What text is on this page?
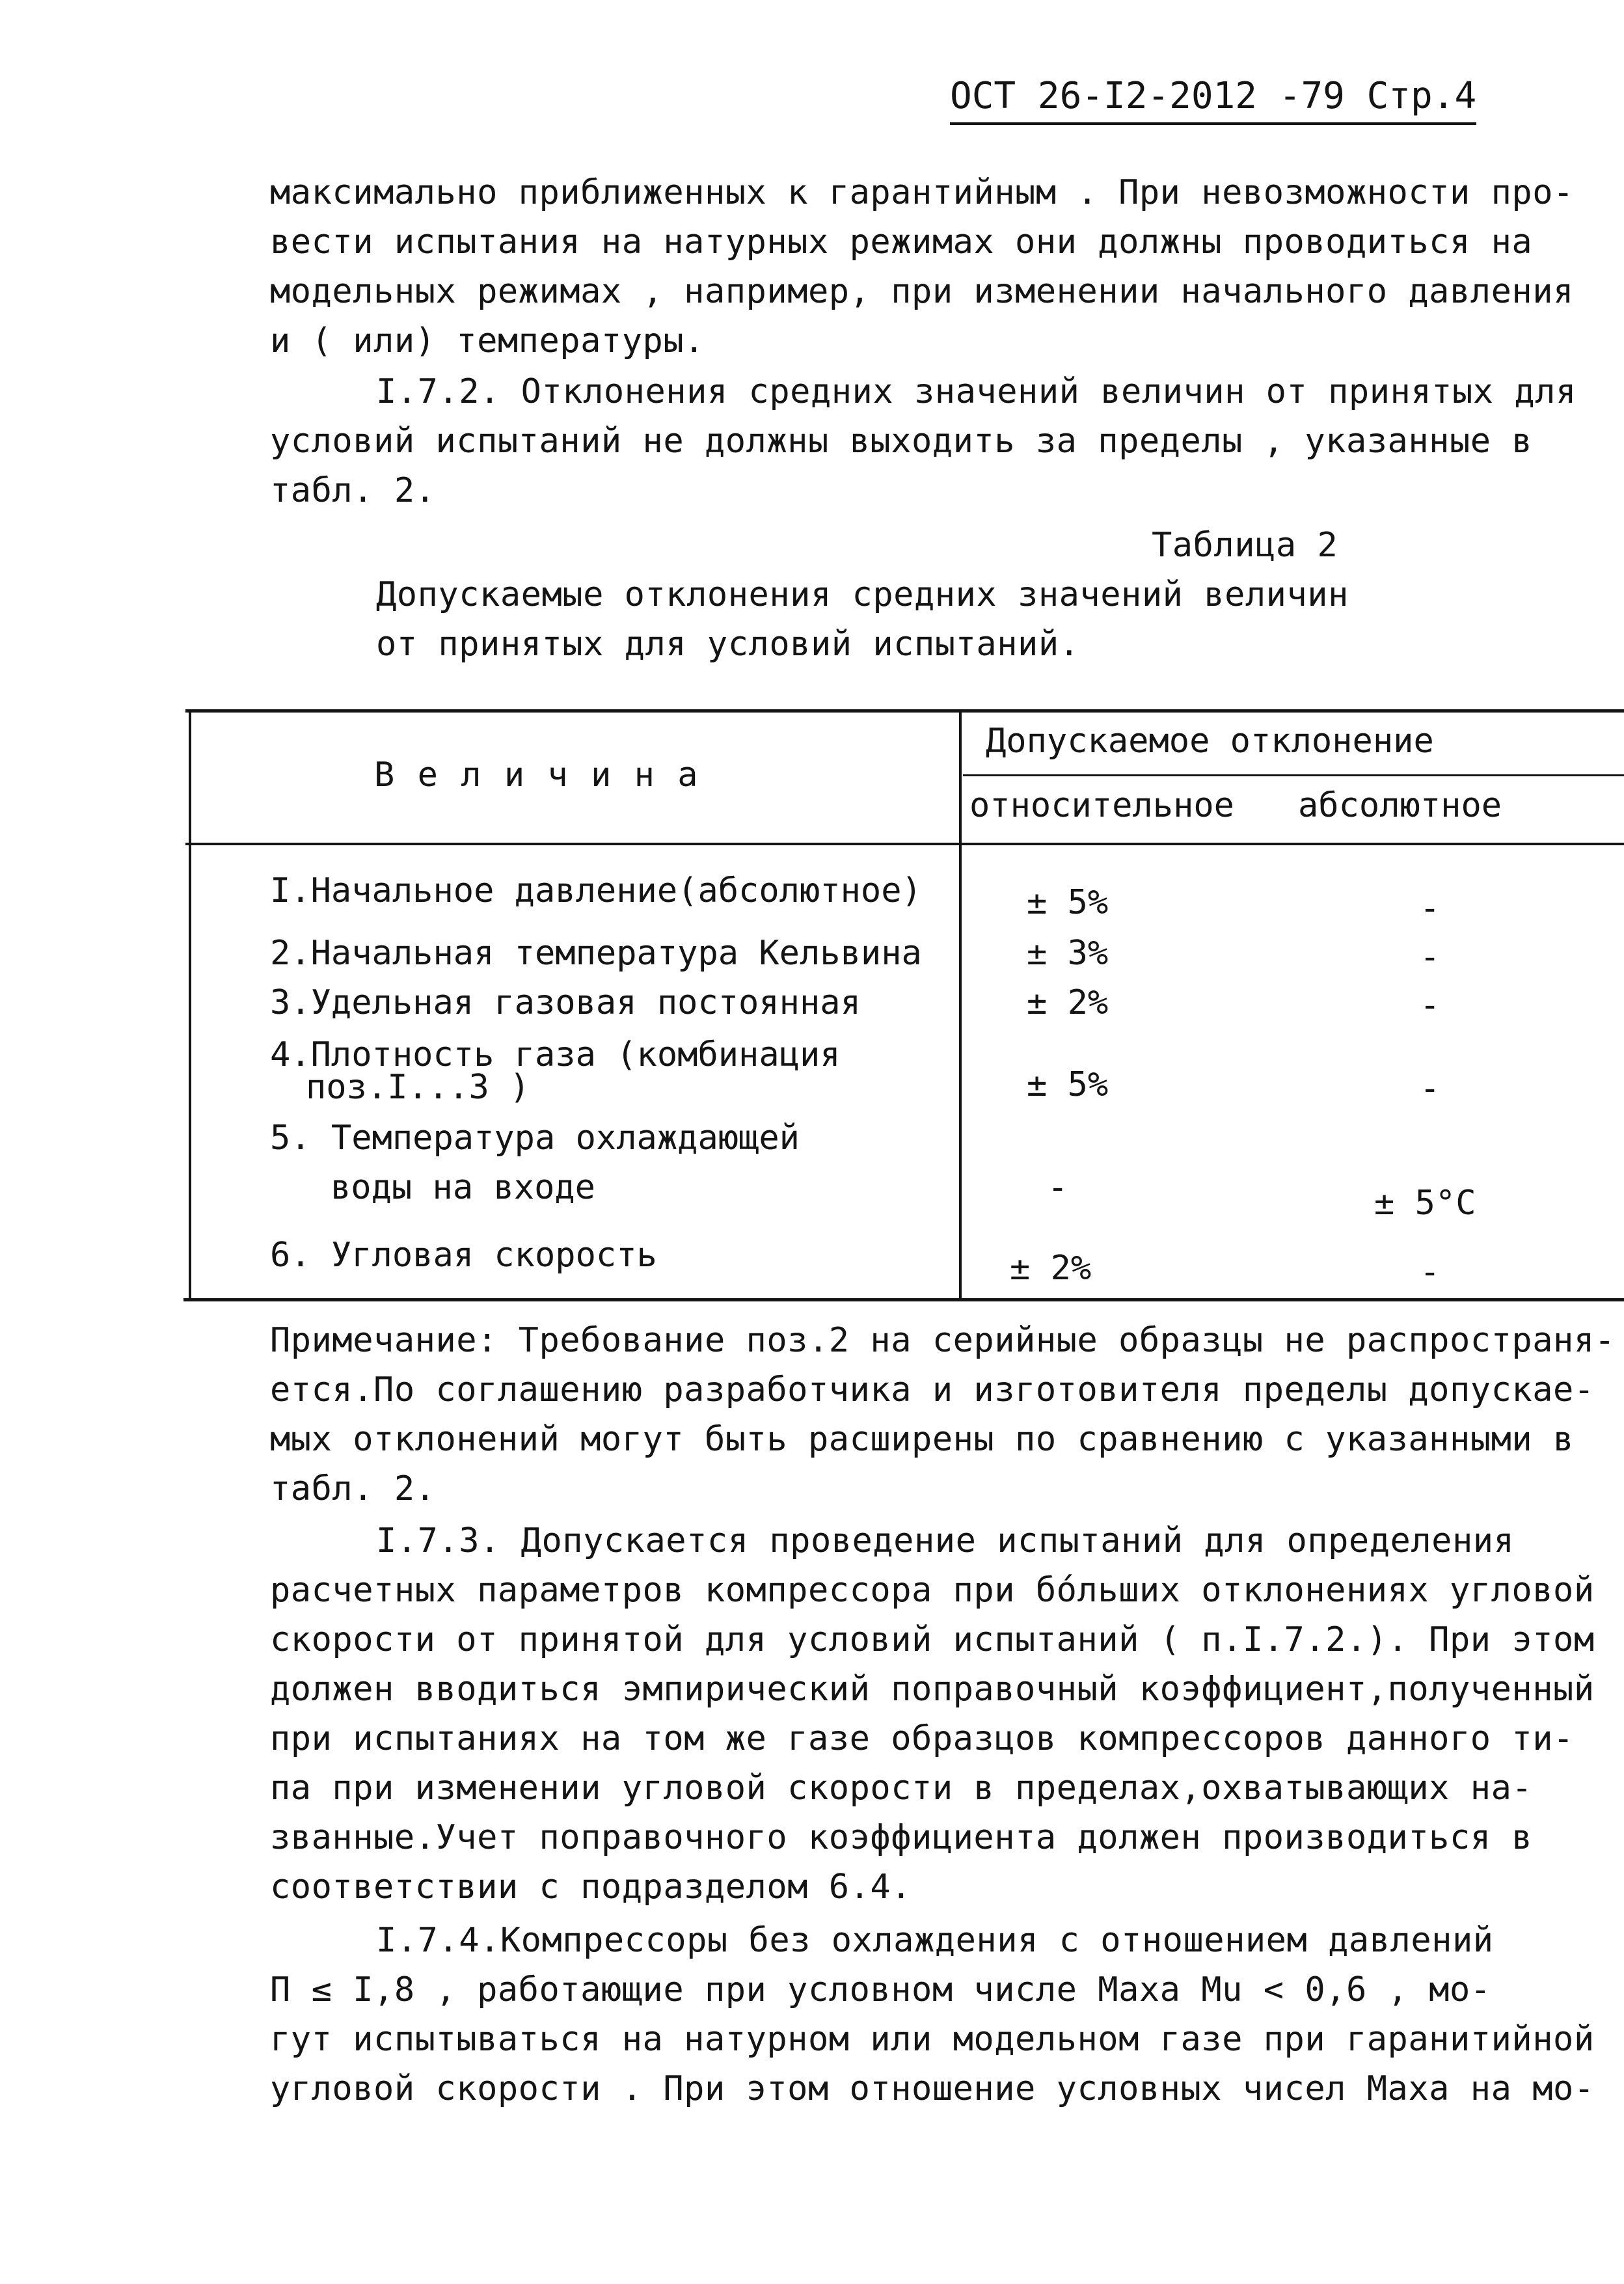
ОСТ 26-I2-2012 -79 Стр.4
максимально приближенных к гарантийным . При невозможности про-
вести испытания на натурных режимах они должны проводиться на
модельных режимах , например, при изменении начального давления
и ( или) температуры.
I.7.2. Отклонения средних значений величин от принятых для
условий испытаний не должны выходить за пределы , указанные в
табл. 2.
Таблица 2
Допускаемые отклонения средних значений величин
от принятых для условий испытаний.
В е л и ч и н а
Допускаемое отклонение
относительное абсолютное
I.Начальное давление(абсолютное)	± 5%	-
2.Начальная температура Кельвина	± 3%	-
3.Удельная газовая постоянная	± 2%	-
4.Плотность газа (комбинация
поз.I...3 )	± 5%	-
5. Температура охлаждающей
воды на входе	-	± 5°С
6. Угловая скорость	± 2%	-
Примечание: Требование поз.2 на серийные образцы не распространя-
ется.По соглашению разработчика и изготовителя пределы допускае-
мых отклонений могут быть расширены по сравнению с указанными в
табл. 2.
I.7.3. Допускается проведение испытаний для определения
расчетных параметров компрессора при бóльших отклонениях угловой
скорости от принятой для условий испытаний ( п.I.7.2.). При этом
должен вводиться эмпирический поправочный коэффициент,полученный
при испытаниях на том же газе образцов компрессоров данного ти-
па при изменении угловой скорости в пределах,охватывающих на-
званные.Учет поправочного коэффициента должен производиться в
соответствии с подразделом 6.4.
I.7.4.Компрессоры без охлаждения с отношением давлений
П ≤ I,8 , работающие при условном числе Маха Mu < 0,6 , мо-
гут испытываться на натурном или модельном газе при гаранитийной
угловой скорости . При этом отношение условных чисел Маха на мо-
